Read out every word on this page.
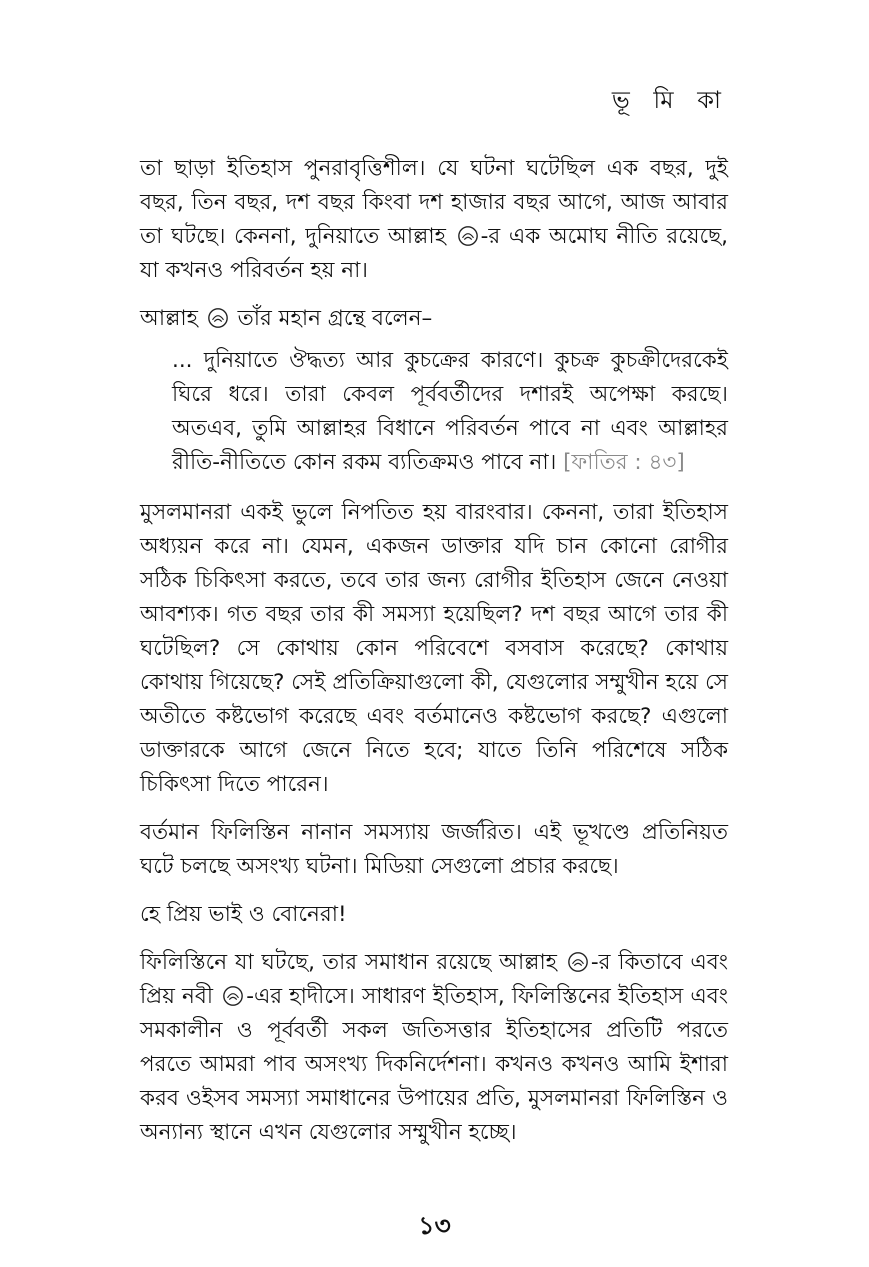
ভূ মি কা

তা ছাড়া ইতিহাস পুনরাবৃত্তিশীল। যে ঘটনা ঘটেছিল এক বছর, দুই বছর, তিন বছর, দশ বছর কিংবা দশ হাজার বছর আগে, আজ আবার তা ঘটছে। কেননা, দুনিয়াতে আল্লাহ -র এক অমোঘ নীতি রয়েছে, যা কখনও পরিবর্তন হয় না।

আল্লাহ তাঁর মহান গ্রন্থে বলেন–

... দুনিয়াতে ঔদ্ধত্য আর কুচক্রের কারণে। কুচক্র কুচক্রীদেরকেই ঘিরে ধরে। তারা কেবল পূর্ববর্তীদের দশারই অপেক্ষা করছে। অতএব, তুমি আল্লাহর বিধানে পরিবর্তন পাবে না এবং আল্লাহর রীতি-নীতিতে কোন রকম ব্যতিক্রমও পাবে না। [ফাতির : ৪৩]

মুসলমানরা একই ভুলে নিপতিত হয় বারংবার। কেননা, তারা ইতিহাস অধ্যয়ন করে না। যেমন, একজন ডাক্তার যদি চান কোনো রোগীর সঠিক চিকিৎসা করতে, তবে তার জন্য রোগীর ইতিহাস জেনে নেওয়া আবশ্যক। গত বছর তার কী সমস্যা হয়েছিল? দশ বছর আগে তার কী ঘটেছিল? সে কোথায় কোন পরিবেশে বসবাস করেছে? কোথায় কোথায় গিয়েছে? সেই প্রতিক্রিয়াগুলো কী, যেগুলোর সম্মুখীন হয়ে সে অতীতে কষ্টভোগ করেছে এবং বর্তমানেও কষ্টভোগ করছে? এগুলো ডাক্তারকে আগে জেনে নিতে হবে; যাতে তিনি পরিশেষে সঠিক চিকিৎসা দিতে পারেন।

বর্তমান ফিলিস্তিন নানান সমস্যায় জর্জরিত। এই ভূখণ্ডে প্রতিনিয়ত ঘটে চলছে অসংখ্য ঘটনা। মিডিয়া সেগুলো প্রচার করছে।

হে প্রিয় ভাই ও বোনেরা!

ফিলিস্তিনে যা ঘটছে, তার সমাধান রয়েছে আল্লাহ -র কিতাবে এবং প্রিয় নবী -এর হাদীসে। সাধারণ ইতিহাস, ফিলিস্তিনের ইতিহাস এবং সমকালীন ও পূর্ববর্তী সকল জতিসত্তার ইতিহাসের প্রতিটি পরতে পরতে আমরা পাব অসংখ্য দিকনির্দেশনা। কখনও কখনও আমি ইশারা করব ওইসব সমস্যা সমাধানের উপায়ের প্রতি, মুসলমানরা ফিলিস্তিন ও অন্যান্য স্থানে এখন যেগুলোর সম্মুখীন হচ্ছে।

১৩
